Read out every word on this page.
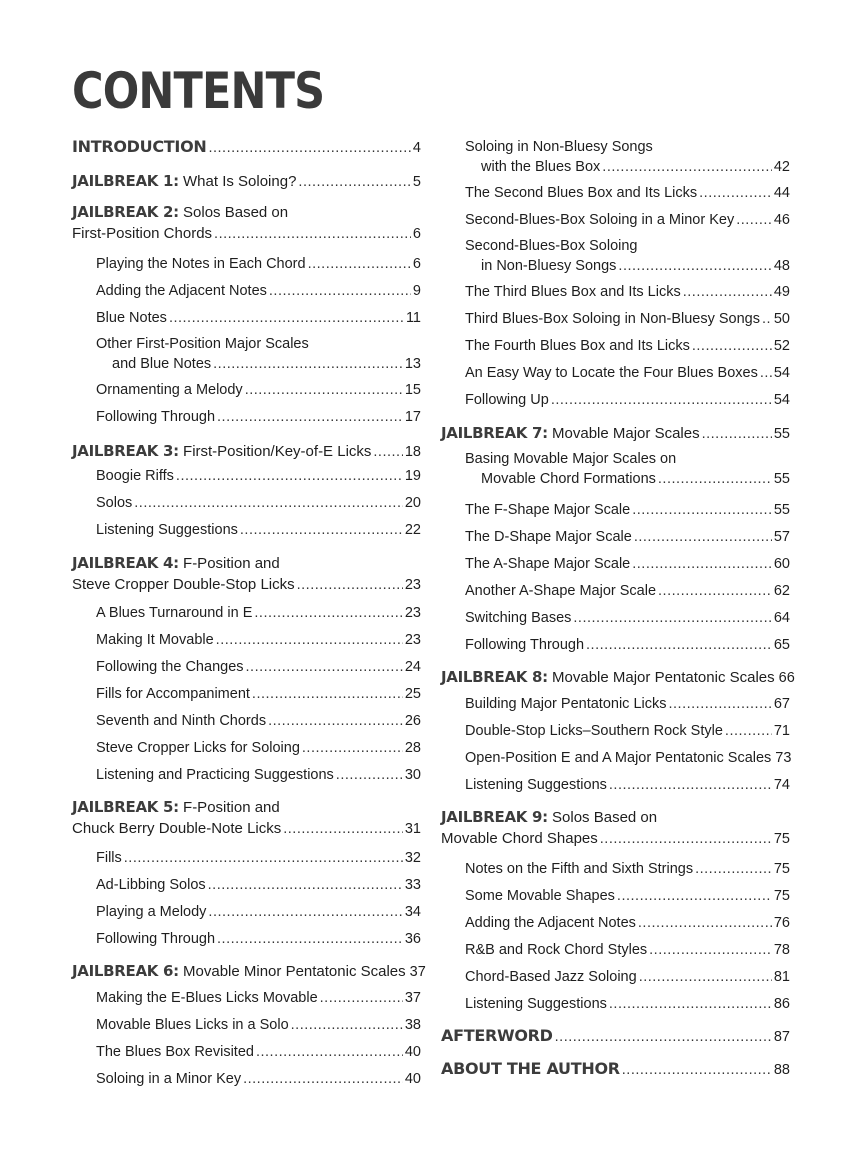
CONTENTS
INTRODUCTION .....	4
JAILBREAK 1: What Is Soloing? .....	5
JAILBREAK 2: Solos Based on
First-Position Chords .....	6
Playing the Notes in Each Chord .....	6
Adding the Adjacent Notes .....	9
Blue Notes .....	11
Other First-Position Major Scales
and Blue Notes .....	13
Ornamenting a Melody .....	15
Following Through .....	17
JAILBREAK 3: First-Position/Key-of-E Licks ..... 18
Boogie Riffs .....	19
Solos .....	20
Listening Suggestions .....	22
JAILBREAK 4: F-Position and
Steve Cropper Double-Stop Licks .....	23
A Blues Turnaround in E .....	23
Making It Movable .....	23
Following the Changes .....	24
Fills for Accompaniment .....	25
Seventh and Ninth Chords .....	26
Steve Cropper Licks for Soloing .....	28
Listening and Practicing Suggestions .....	30
JAILBREAK 5: F-Position and
Chuck Berry Double-Note Licks .....	31
Fills .....	32
Ad-Libbing Solos .....	33
Playing a Melody .....	34
Following Through .....	36
JAILBREAK 6: Movable Minor Pentatonic Scales 37
Making the E-Blues Licks Movable .....	37
Movable Blues Licks in a Solo .....	38
The Blues Box Revisited .....	40
Soloing in a Minor Key .....	40
Soloing in Non-Bluesy Songs
with the Blues Box .....	42
The Second Blues Box and Its Licks .....	44
Second-Blues-Box Soloing in a Minor Key .....	46
Second-Blues-Box Soloing
in Non-Bluesy Songs .....	48
The Third Blues Box and Its Licks .....	49
Third Blues-Box Soloing in Non-Bluesy Songs ..... 50
The Fourth Blues Box and Its Licks .....	52
An Easy Way to Locate the Four Blues Boxes ..... 54
Following Up .....	54
JAILBREAK 7: Movable Major Scales .....	55
Basing Movable Major Scales on
Movable Chord Formations .....	55
The F-Shape Major Scale .....	55
The D-Shape Major Scale .....	57
The A-Shape Major Scale .....	60
Another A-Shape Major Scale .....	62
Switching Bases .....	64
Following Through .....	65
JAILBREAK 8: Movable Major Pentatonic Scales 66
Building Major Pentatonic Licks .....	67
Double-Stop Licks–Southern Rock Style .....	71
Open-Position E and A Major Pentatonic Scales 73
Listening Suggestions .....	74
JAILBREAK 9: Solos Based on
Movable Chord Shapes .....	75
Notes on the Fifth and Sixth Strings .....	75
Some Movable Shapes .....	75
Adding the Adjacent Notes .....	76
R&B and Rock Chord Styles .....	78
Chord-Based Jazz Soloing .....	81
Listening Suggestions .....	86
AFTERWORD .....	87
ABOUT THE AUTHOR .....	88
